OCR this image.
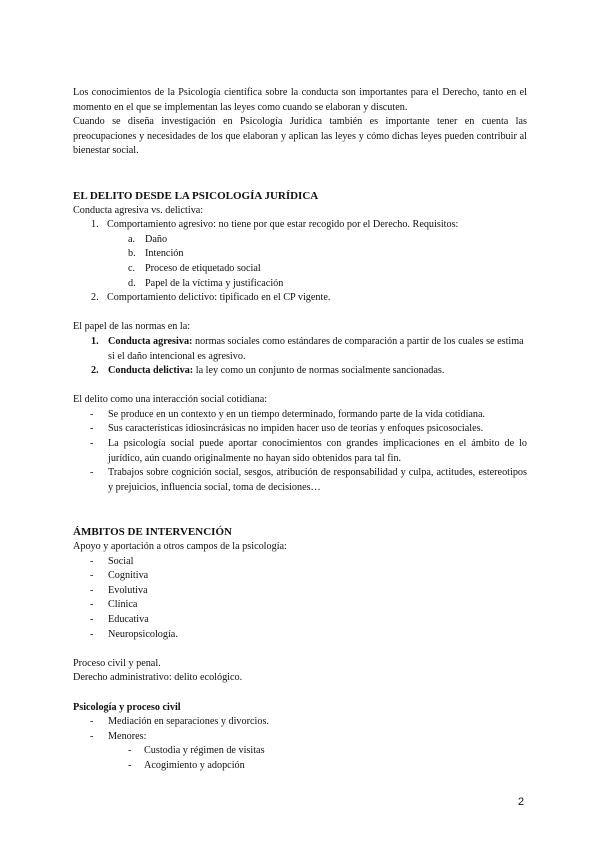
Los conocimientos de la Psicología científica sobre la conducta son importantes para el Derecho, tanto en el momento en el que se implementan las leyes como cuando se elaboran y discuten.

Cuando se diseña investigación en Psicología Jurídica también es importante tener en cuenta las preocupaciones y necesidades de los que elaboran y aplican las leyes y cómo dichas leyes pueden contribuir al bienestar social.

EL DELITO DESDE LA PSICOLOGÍA JURÍDICA

Conducta agresiva vs. delictiva:

1. Comportamiento agresivo: no tiene por que estar recogido por el Derecho. Requisitos:
a. Daño
b. Intención
c. Proceso de etiquetado social
d. Papel de la víctima y justificación
2. Comportamiento delictivo: tipificado en el CP vigente.

El papel de las normas en la:

1. Conducta agresiva: normas sociales como estándares de comparación a partir de los cuales se estima si el daño intencional es agresivo.
2. Conducta delictiva: la ley como un conjunto de normas socialmente sancionadas.

El delito como una interacción social cotidiana:

- Se produce en un contexto y en un tiempo determinado, formando parte de la vida cotidiana.
- Sus características idiosincrásicas no impiden hacer uso de teorías y enfoques psicosociales.
- La psicología social puede aportar conocimientos con grandes implicaciones en el ámbito de lo jurídico, aún cuando originalmente no hayan sido obtenidos para tal fin.
- Trabajos sobre cognición social, sesgos, atribución de responsabilidad y culpa, actitudes, estereotipos y prejuicios, influencia social, toma de decisiones…

ÁMBITOS DE INTERVENCIÓN

Apoyo y aportación a otros campos de la psicología:

- Social
- Cognitiva
- Evolutiva
- Clínica
- Educativa
- Neuropsicología.

Proceso civil y penal.

Derecho administrativo: delito ecológico.

Psicología y proceso civil

- Mediación en separaciones y divorcios.
- Menores:
- Custodia y régimen de visitas
- Acogimiento y adopción
2
